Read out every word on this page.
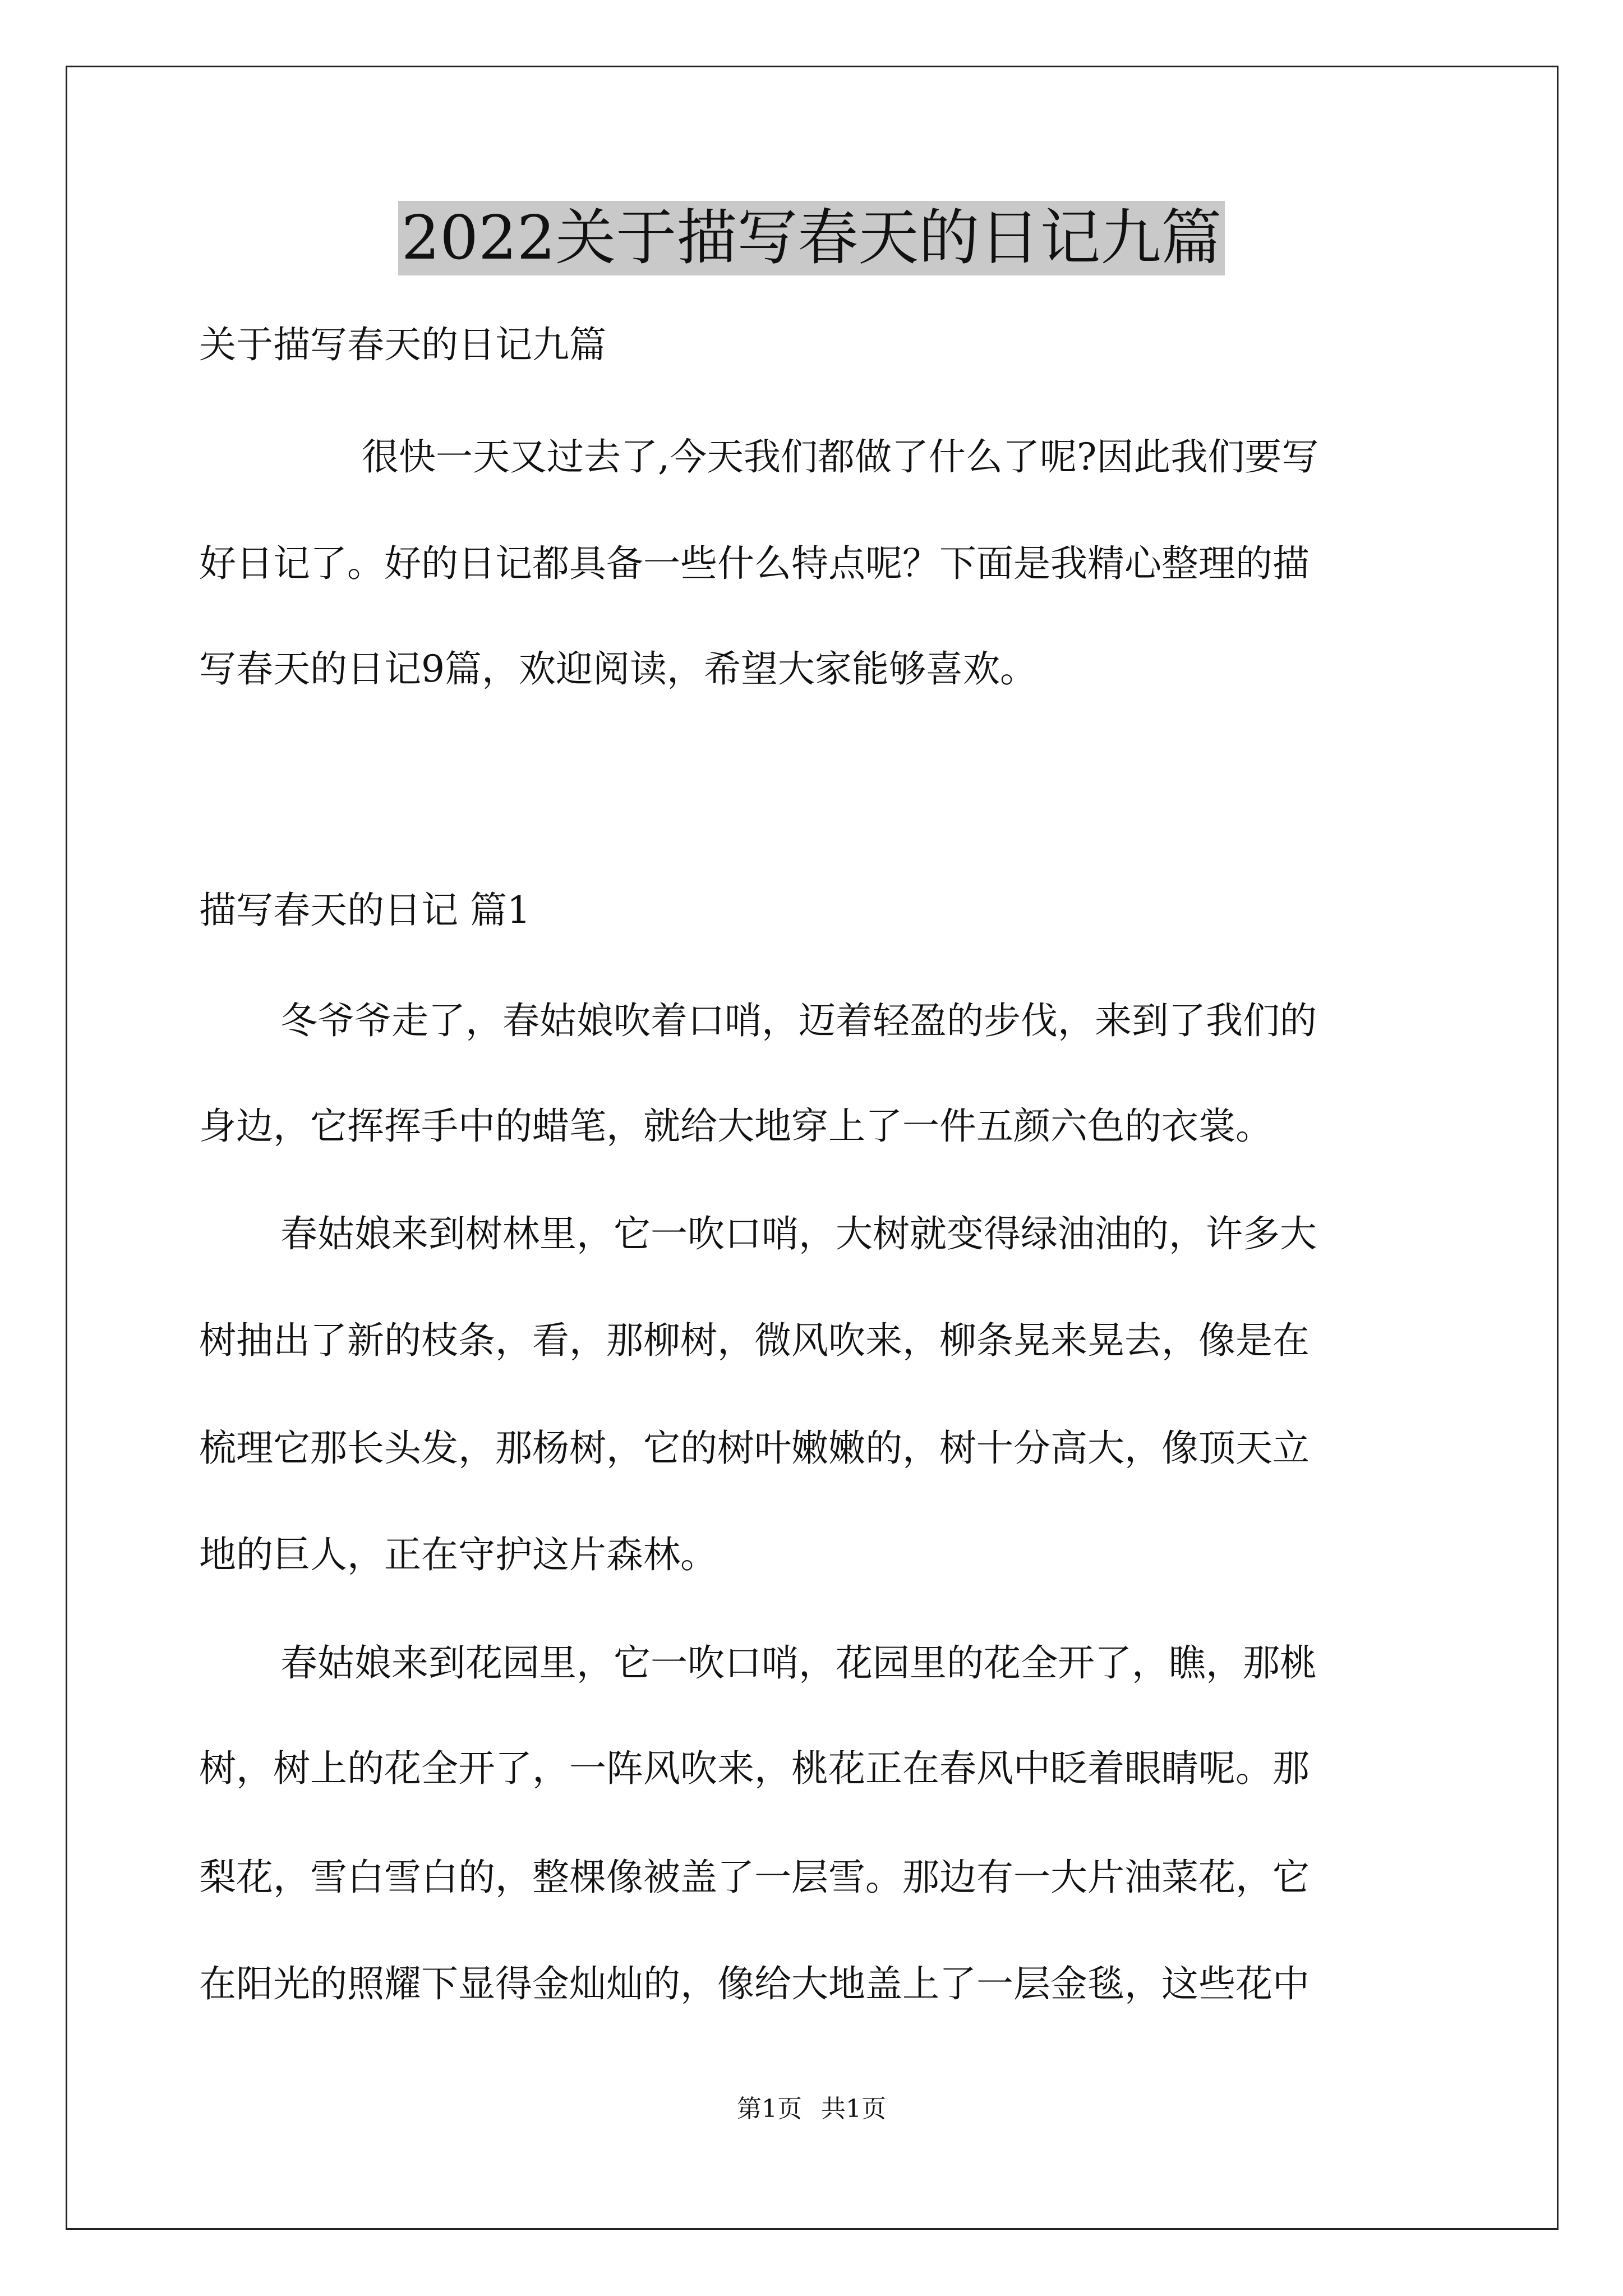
2022关于描写春天的日记九篇
关于描写春天的日记九篇
很快一天又过去了,今天我们都做了什么了呢?因此我们要写
好日记了。好的日记都具备一些什么特点呢？下面是我精心整理的描
写春天的日记9篇，欢迎阅读，希望大家能够喜欢。
描写春天的日记 篇1
冬爷爷走了，春姑娘吹着口哨，迈着轻盈的步伐，来到了我们的
身边，它挥挥手中的蜡笔，就给大地穿上了一件五颜六色的衣裳。
春姑娘来到树林里，它一吹口哨，大树就变得绿油油的，许多大
树抽出了新的枝条，看，那柳树，微风吹来，柳条晃来晃去，像是在
梳理它那长头发，那杨树，它的树叶嫩嫩的，树十分高大，像顶天立
地的巨人，正在守护这片森林。
春姑娘来到花园里，它一吹口哨，花园里的花全开了，瞧，那桃
树，树上的花全开了，一阵风吹来，桃花正在春风中眨着眼睛呢。那
梨花，雪白雪白的，整棵像被盖了一层雪。那边有一大片油菜花，它
在阳光的照耀下显得金灿灿的，像给大地盖上了一层金毯，这些花中
第1页 共1页
